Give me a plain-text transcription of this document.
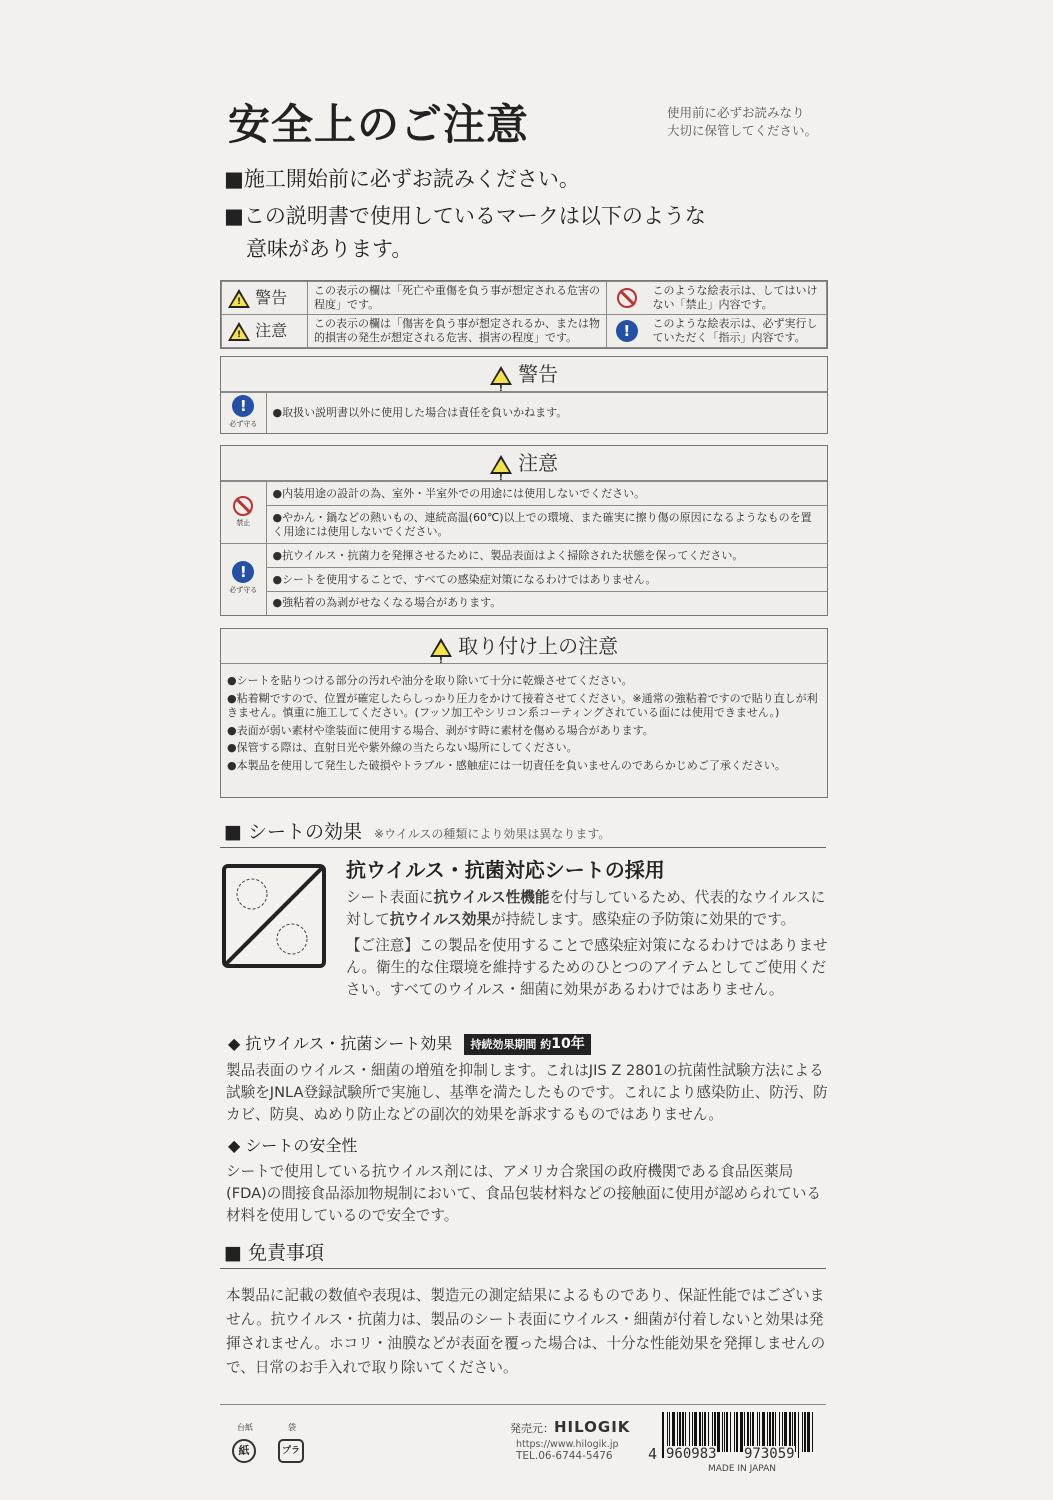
安全上のご注意	使用前に必ずお読みなり
大切に保管してください。
■施工開始前に必ずお読みください。
■この説明書で使用しているマークは以下のような
意味があります。
! 警告	この表示の欄は「死亡や重傷を負う事が想定される危害の程度」です。		このような絵表示は、してはいけない「禁止」内容です。

! 注意	この表示の欄は「傷害を負う事が想定されるか、または物的損害の発生が想定される危害、損害の程度」です。	!	このような絵表示は、必ず実行していただく「指示」内容です。
!
警告
!
必ず守る
	●取扱い説明書以外に使用した場合は責任を負いかねます。
!
注意
禁止	●内装用途の設計の為、室外・半室外での用途には使用しないでください。
	●やかん・鍋などの熱いもの、連続高温(60℃)以上での環境、また確実に擦り傷の原因になるようなものを置く用途には使用しないでください。
!
必ず守る	●抗ウイルス・抗菌力を発揮させるために、製品表面はよく掃除された状態を保ってください。
	●シートを使用することで、すべての感染症対策になるわけではありません。
	●強粘着の為剥がせなくなる場合があります。
!
取り付け上の注意
●シートを貼りつける部分の汚れや油分を取り除いて十分に乾燥させてください。
●粘着糊ですので、位置が確定したらしっかり圧力をかけて接着させてください。※通常の強粘着ですので貼り直しが利きません。慎重に施工してください。(フッソ加工やシリコン系コーティングされている面には使用できません。)
●表面が弱い素材や塗装面に使用する場合、剥がす時に素材を傷める場合があります。
●保管する際は、直射日光や紫外線の当たらない場所にしてください。
●本製品を使用して発生した破損やトラブル・感触症には一切責任を負いませんのであらかじめご了承ください。
■ シートの効果 ※ウイルスの種類により効果は異なります。
抗ウイルス・抗菌対応シートの採用
シート表面に抗ウイルス性機能を付与しているため、代表的なウイルスに対して抗ウイルス効果が持続します。感染症の予防策に効果的です。
【ご注意】この製品を使用することで感染症対策になるわけではありません。衛生的な住環境を維持するためのひとつのアイテムとしてご使用ください。すべてのウイルス・細菌に効果があるわけではありません。
◆ 抗ウイルス・抗菌シート効果 持続効果期間 約10年
製品表面のウイルス・細菌の増殖を抑制します。これはJIS Z 2801の抗菌性試験方法による試験をJNLA登録試験所で実施し、基準を満たしたものです。これにより感染防止、防汚、防カビ、防臭、ぬめり防止などの副次的効果を訴求するものではありません。
◆ シートの安全性
シートで使用している抗ウイルス剤には、アメリカ合衆国の政府機関である食品医薬局(FDA)の間接食品添加物規制において、食品包装材料などの接触面に使用が認められている材料を使用しているので安全です。
■ 免責事項
本製品に記載の数値や表現は、製造元の測定結果によるものであり、保証性能ではございません。抗ウイルス・抗菌力は、製品のシート表面にウイルス・細菌が付着しないと効果は発揮されません。ホコリ・油膜などが表面を覆った場合は、十分な性能効果を発揮しませんので、日常のお手入れで取り除いてください。
台紙
紙
袋
プラ
発売元：HILOGIK
https://www.hilogik.jp
TEL.06-6744-5476	4 960983 973059
MADE IN JAPAN
